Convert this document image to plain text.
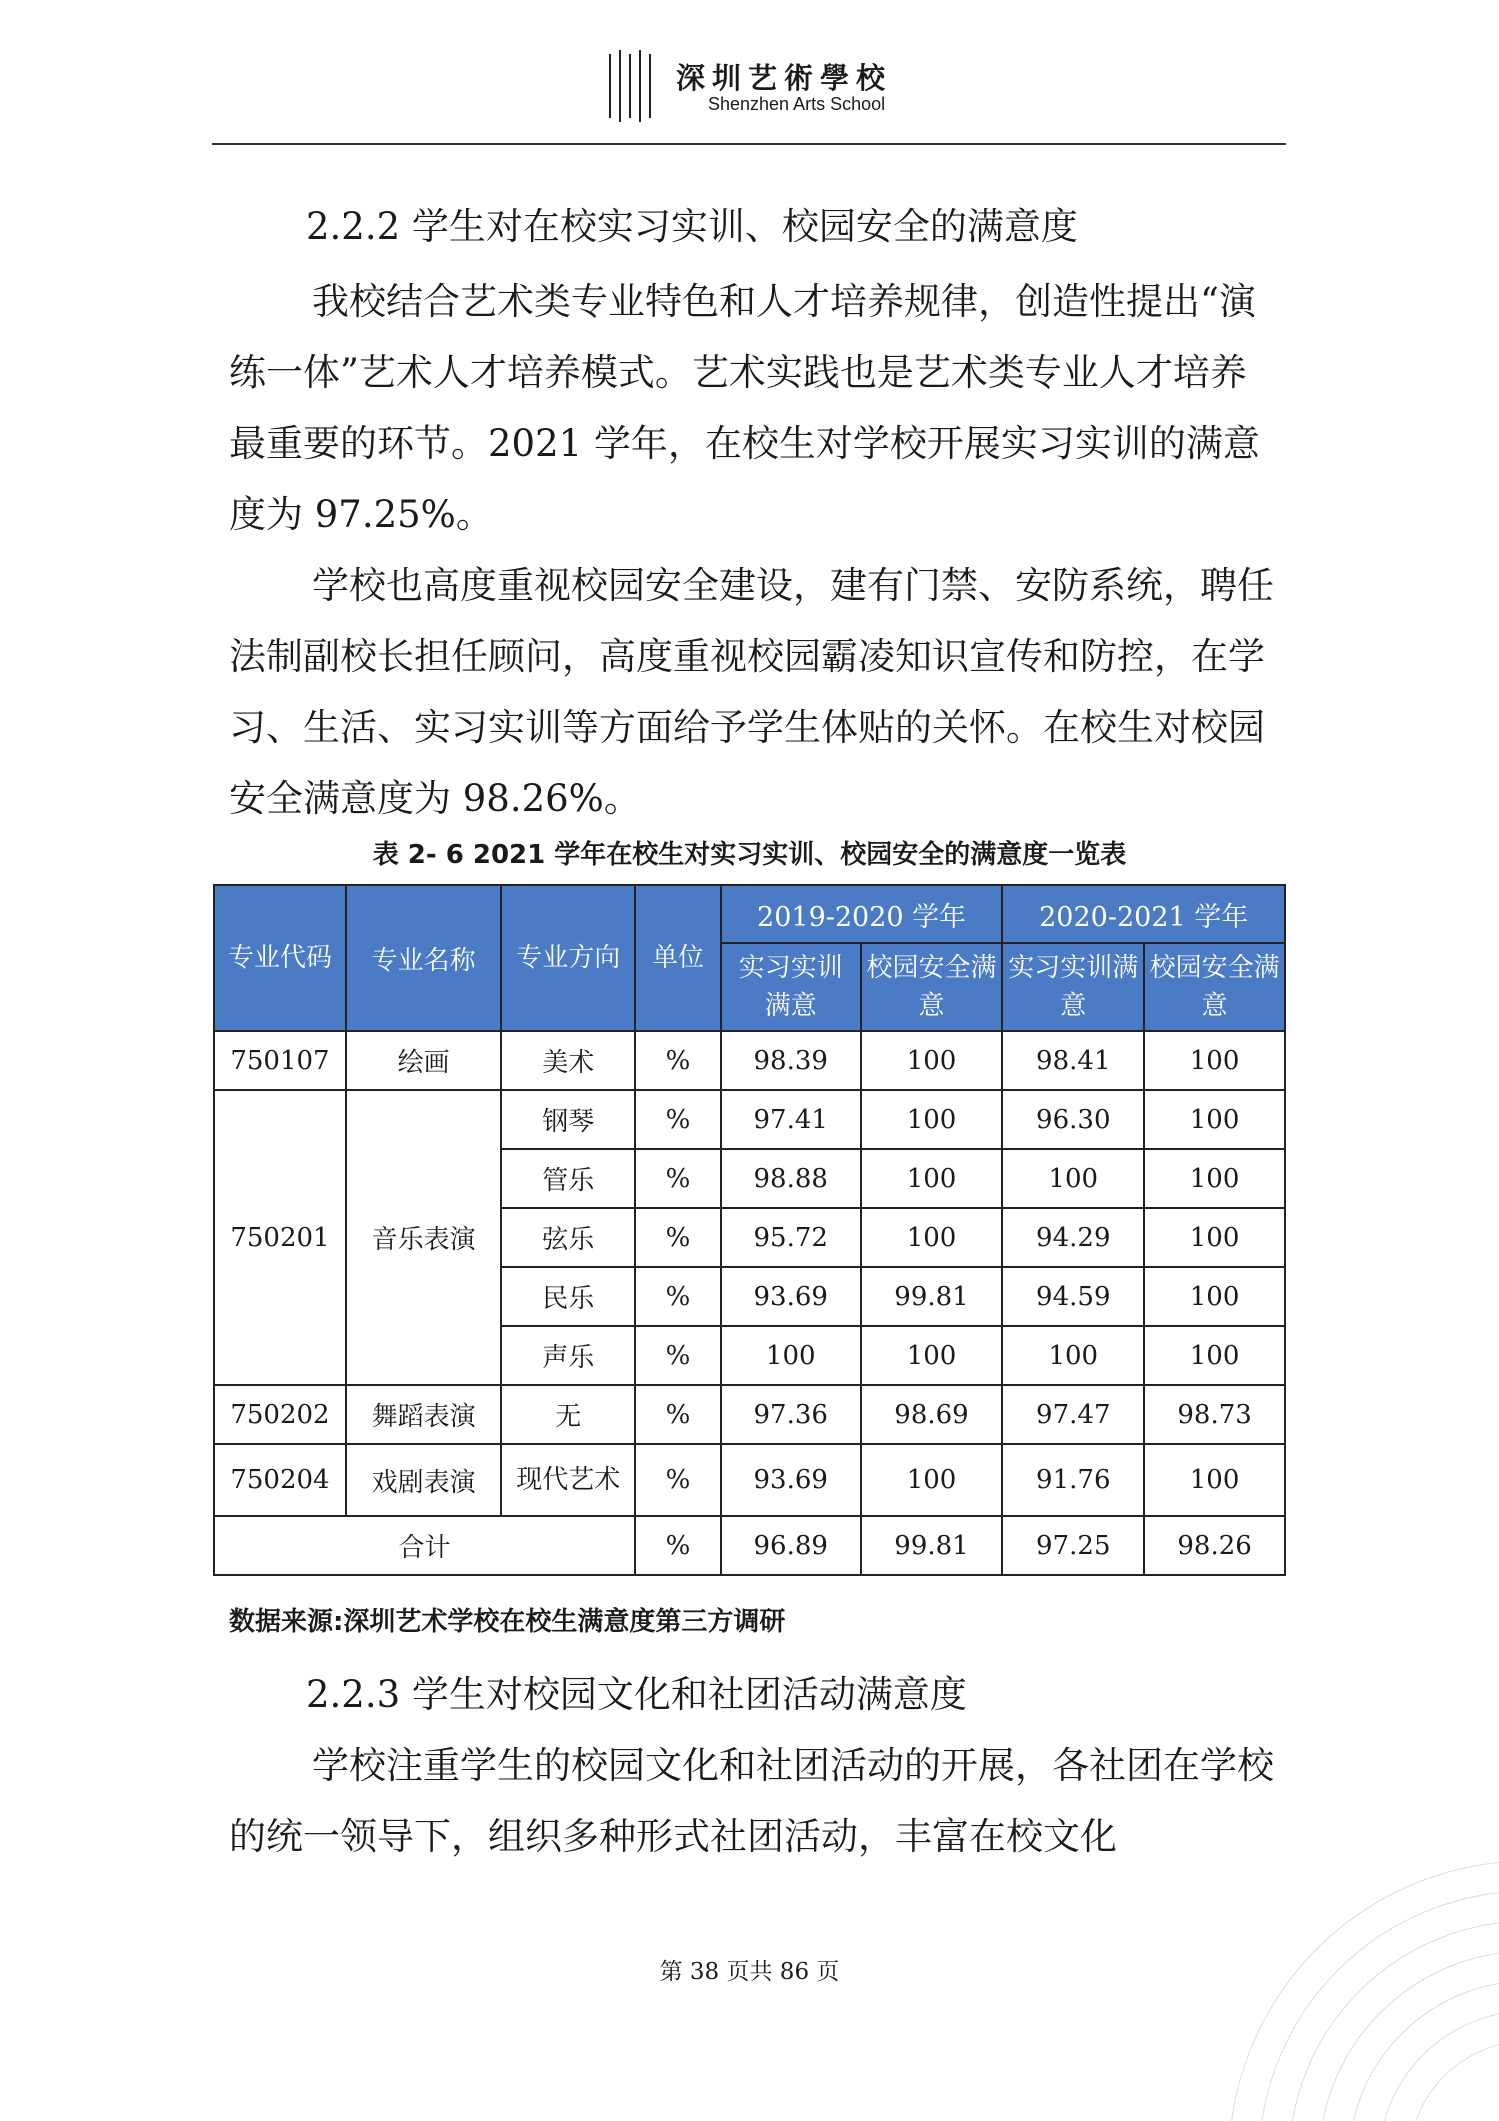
深圳艺術學校
Shenzhen Arts School
2.2.2 学生对在校实习实训、校园安全的满意度

我校结合艺术类专业特色和人才培养规律，创造性提出“演练一体”艺术人才培养模式。艺术实践也是艺术类专业人才培养最重要的环节。2021 学年，在校生对学校开展实习实训的满意度为 97.25%。

学校也高度重视校园安全建设，建有门禁、安防系统，聘任法制副校长担任顾问，高度重视校园霸凌知识宣传和防控，在学习、生活、实习实训等方面给予学生体贴的关怀。在校生对校园安全满意度为 98.26%。

表 2- 6 2021 学年在校生对实习实训、校园安全的满意度一览表
专业代码	专业名称	专业方向	单位	2019-2020 学年		2020-2021 学年	
				实习实训满意	校园安全满意	实习实训满意	校园安全满意
750107	绘画	美术	%	98.39	100	98.41	100
750201	音乐表演	钢琴	%	97.41	100	96.30	100
		管乐	%	98.88	100	100	100
		弦乐	%	95.72	100	94.29	100
		民乐	%	93.69	99.81	94.59	100
		声乐	%	100	100	100	100
750202	舞蹈表演	无	%	97.36	98.69	97.47	98.73
750204	戏剧表演	现代艺术	%	93.69	100	91.76	100
合计			%	96.89	99.81	97.25	98.26
数据来源:深圳艺术学校在校生满意度第三方调研
2.2.3 学生对校园文化和社团活动满意度

学校注重学生的校园文化和社团活动的开展，各社团在学校的统一领导下，组织多种形式社团活动，丰富在校文化

第 38 页共 86 页
